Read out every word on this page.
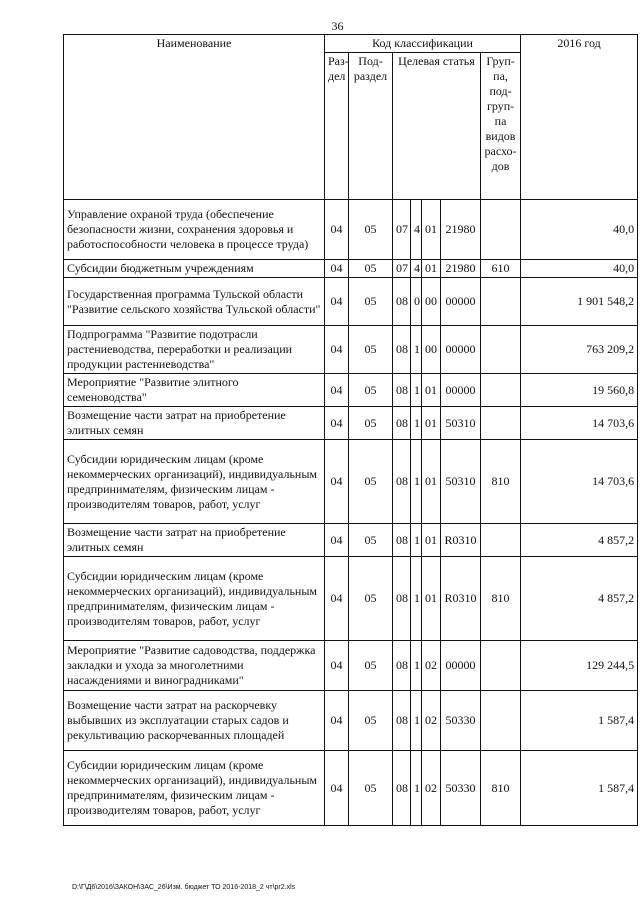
36
Наименование	Код классификации							2016 год
	Раз-дел	Под-раздел	Целевая статья				Груп-па, под-груп-па видов расхо-дов	
Управление охраной труда (обеспечение безопасности жизни, сохранения здоровья и работоспособности человека в процессе труда)	04	05	07	4	01	21980		40,0
Субсидии бюджетным учреждениям	04	05	07	4	01	21980	610	40,0
Государственная программа Тульской области "Развитие сельского хозяйства Тульской области"	04	05	08	0	00	00000		1 901 548,2
Подпрограмма "Развитие подотрасли растениеводства, переработки и реализации продукции растениеводства"	04	05	08	1	00	00000		763 209,2
Мероприятие "Развитие элитного семеноводства"	04	05	08	1	01	00000		19 560,8
Возмещение части затрат на приобретение элитных семян	04	05	08	1	01	50310		14 703,6
Субсидии юридическим лицам (кроме некоммерческих организаций), индивидуальным предпринимателям, физическим лицам - производителям товаров, работ, услуг	04	05	08	1	01	50310	810	14 703,6
Возмещение части затрат на приобретение элитных семян	04	05	08	1	01	R0310		4 857,2
Субсидии юридическим лицам (кроме некоммерческих организаций), индивидуальным предпринимателям, физическим лицам - производителям товаров, работ, услуг	04	05	08	1	01	R0310	810	4 857,2
Мероприятие "Развитие садоводства, поддержка закладки и ухода за многолетними насаждениями и виноградниками"	04	05	08	1	02	00000		129 244,5
Возмещение части затрат на раскорчевку выбывших из эксплуатации старых садов и рекультивацию раскорчеванных площадей	04	05	08	1	02	50330		1 587,4
Субсидии юридическим лицам (кроме некоммерческих организаций), индивидуальным предпринимателям, физическим лицам - производителям товаров, работ, услуг	04	05	08	1	02	50330	810	1 587,4
D:\Г\Д6\2016\ЗАКОН\ЗАС_26\Изм. бюджет ТО 2016-2018_2 чт\pr2.xls
